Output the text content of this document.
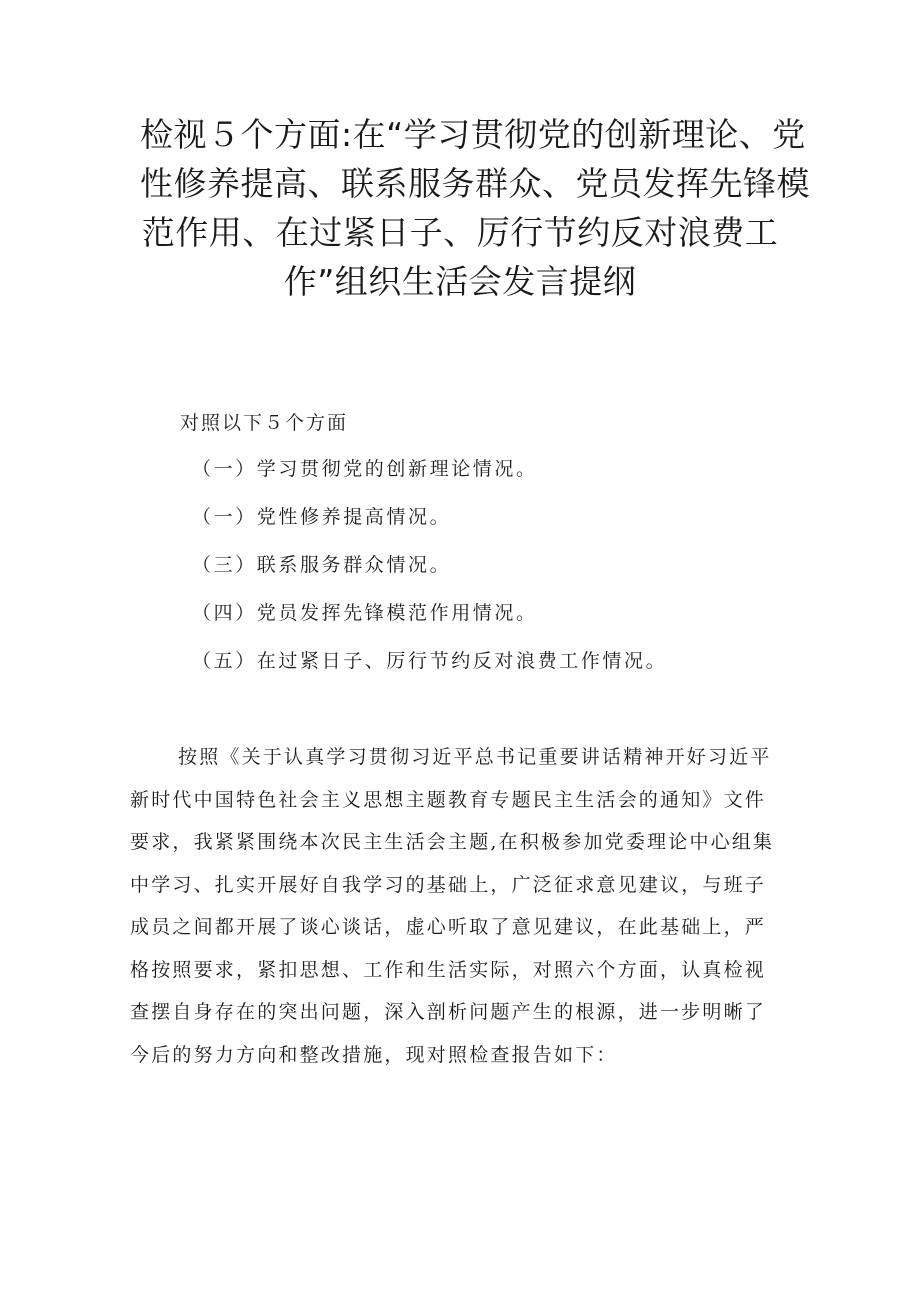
检视５个方面:在“学习贯彻党的创新理论、党
性修养提高、联系服务群众、党员发挥先锋模
范作用、在过紧日子、厉行节约反对浪费工
作”组织生活会发言提纲
对照以下５个方面
（一）学习贯彻党的创新理论情况。
（一）党性修养提高情况。
（三）联系服务群众情况。
（四）党员发挥先锋模范作用情况。
（五）在过紧日子、厉行节约反对浪费工作情况。
按照《关于认真学习贯彻习近平总书记重要讲话精神开好习近平
新时代中国特色社会主义思想主题教育专题民主生活会的通知》文件
要求，我紧紧围绕本次民主生活会主题,在积极参加党委理论中心组集
中学习、扎实开展好自我学习的基础上，广泛征求意见建议，与班子
成员之间都开展了谈心谈话，虚心听取了意见建议，在此基础上，严
格按照要求，紧扣思想、工作和生活实际，对照六个方面，认真检视
查摆自身存在的突出问题，深入剖析问题产生的根源，进一步明晰了
今后的努力方向和整改措施，现对照检查报告如下：
